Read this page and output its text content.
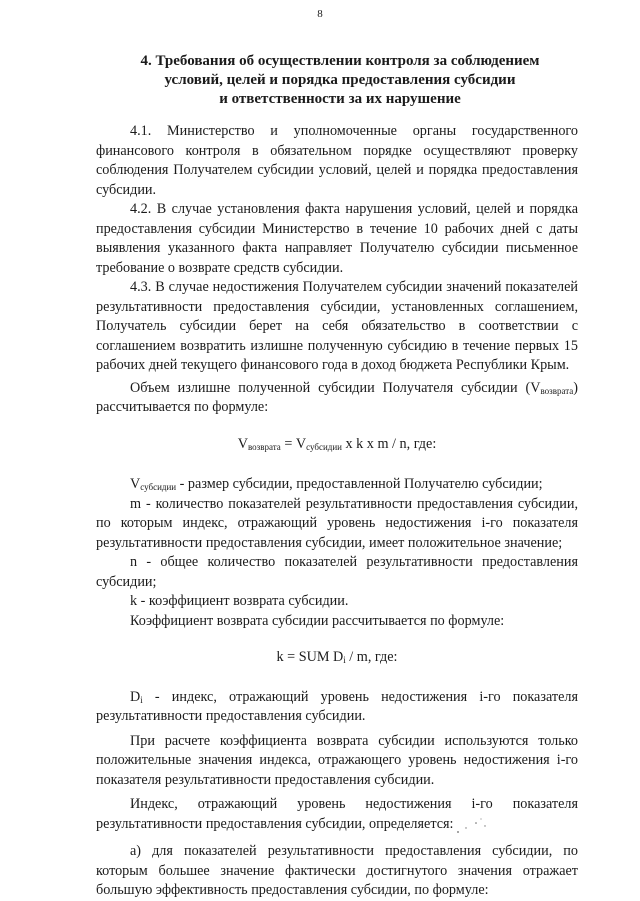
8
4. Требования об осуществлении контроля за соблюдением
условий, целей и порядка предоставления субсидии
и ответственности за их нарушение

4.1. Министерство и уполномоченные органы государственного финансового контроля в обязательном порядке осуществляют проверку соблюдения Получателем субсидии условий, целей и порядка предоставления субсидии.

4.2. В случае установления факта нарушения условий, целей и порядка предоставления субсидии Министерство в течение 10 рабочих дней с даты выявления указанного факта направляет Получателю субсидии письменное требование о возврате средств субсидии.

4.3. В случае недостижения Получателем субсидии значений показателей результативности предоставления субсидии, установленных соглашением, Получатель субсидии берет на себя обязательство в соответствии с соглашением возвратить излишне полученную субсидию в течение первых 15 рабочих дней текущего финансового года в доход бюджета Республики Крым.

Объем излишне полученной субсидии Получателя субсидии $(V_{возврата})$ рассчитывается по формуле:

$V_{возврата} = V_{субсидии}$ x k x m / n, где:

$V_{субсидии}$ - размер субсидии, предоставленной Получателю субсидии;

m - количество показателей результативности предоставления субсидии, по которым индекс, отражающий уровень недостижения i-го показателя результативности предоставления субсидии, имеет положительное значение;

n - общее количество показателей результативности предоставления субсидии;

k - коэффициент возврата субсидии.

Коэффициент возврата субсидии рассчитывается по формуле:

k = SUM $D_i$ / m, где:

$D_i$ - индекс, отражающий уровень недостижения i-го показателя результативности предоставления субсидии.

При расчете коэффициента возврата субсидии используются только положительные значения индекса, отражающего уровень недостижения i-го показателя результативности предоставления субсидии.

Индекс, отражающий уровень недостижения i-го показателя результативности предоставления субсидии, определяется:

а) для показателей результативности предоставления субсидии, по которым большее значение фактически достигнутого значения отражает большую эффективность предоставления субсидии, по формуле:
